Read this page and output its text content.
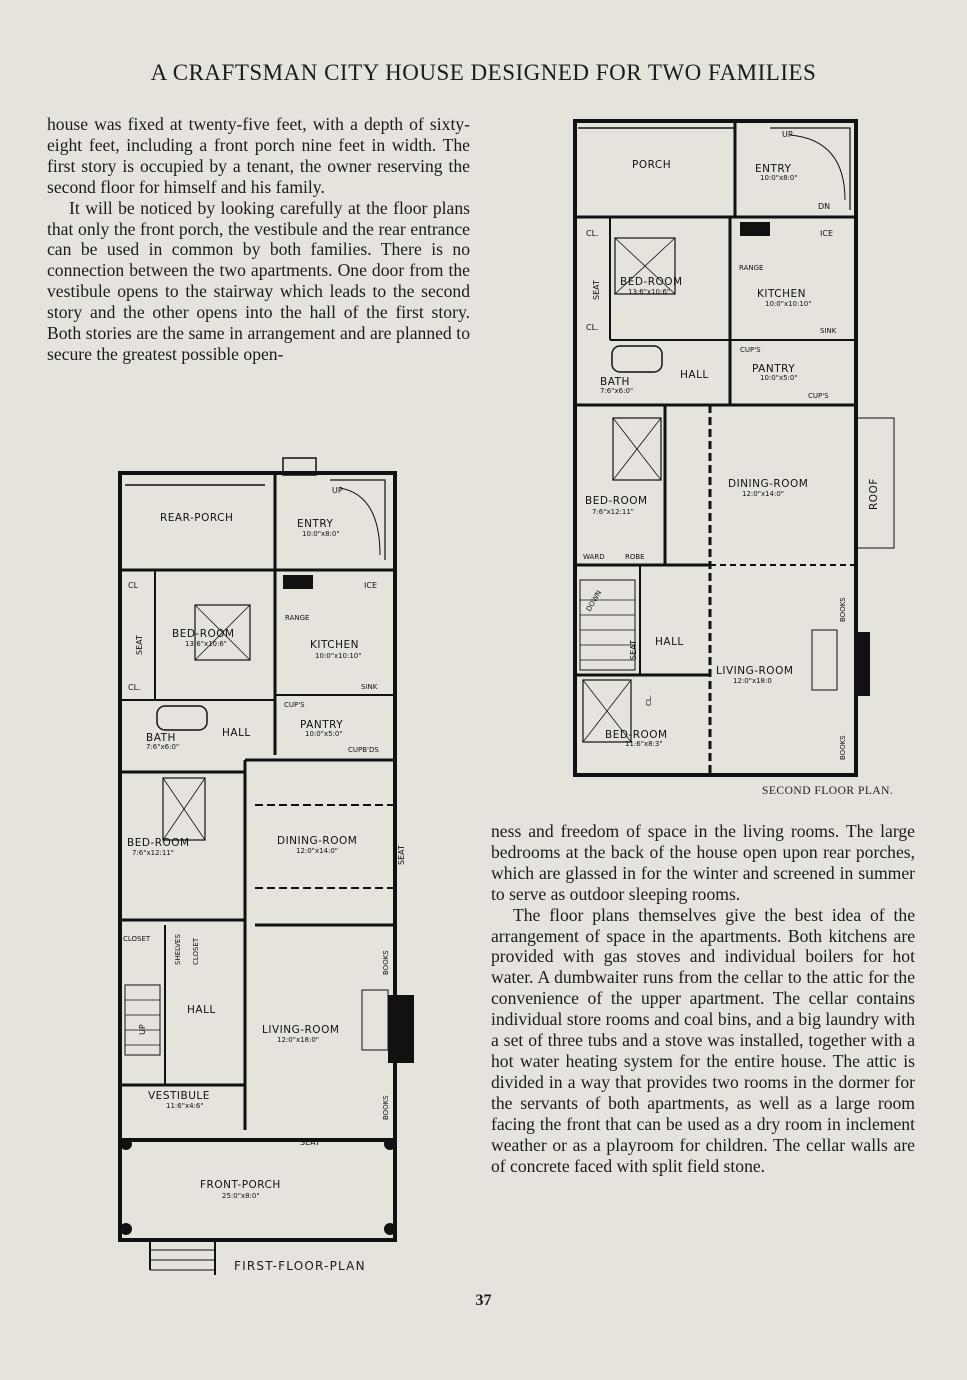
A CRAFTSMAN CITY HOUSE DESIGNED FOR TWO FAMILIES

house was fixed at twenty-five feet, with a depth of sixty-eight feet, including a front porch nine feet in width. The first story is occupied by a tenant, the owner reserving the second floor for himself and his family.

It will be noticed by looking carefully at the floor plans that only the front porch, the vestibule and the rear entrance can be used in common by both families. There is no connection between the two apartments. One door from the vestibule opens to the stairway which leads to the second story and the other opens into the hall of the first story. Both stories are the same in arrangement and are planned to secure the greatest possible open-

ness and freedom of space in the living rooms. The large bedrooms at the back of the house open upon rear porches, which are glassed in for the winter and screened in summer to serve as outdoor sleeping rooms.

The floor plans themselves give the best idea of the arrangement of space in the apartments. Both kitchens are provided with gas stoves and individual boilers for hot water. A dumbwaiter runs from the cellar to the attic for the convenience of the upper apartment. The cellar contains individual store rooms and coal bins, and a big laundry with a set of three tubs and a stove was installed, together with a hot water heating system for the entire house. The attic is divided in a way that provides two rooms in the dormer for the servants of both apartments, as well as a large room facing the front that can be used as a dry room in inclement weather or as a playroom for children. The cellar walls are of concrete faced with split field stone.

PORCH	ENTRY
10:0"x8:0"
UP
DN
ICE
CL.
SEAT BED-ROOM
13:6"x10:6"
RANGE
KITCHEN
10:0"x10:10"
CL.	SINK
CUP'S
PANTRY
10:0"x5:0"
CUP'S
BATH
7:6"x6:0"
HALL
BED-ROOM
7:6"x12:11"
DINING-ROOM
12:0"x14:0"	ROOF
WARD	ROBE
DOWN
SEAT HALL
CL.
LIVING-ROOM
12:0"x18:0
BOOKS
BOOKS
BED-ROOM
11:6"x8:3"
SECOND FLOOR PLAN.
REAR-PORCH	ENTRY
10:0"x8:0"
UP
ICE
CL
SEAT
BED-ROOM
13:6"x10:6"
RANGE
KITCHEN
10:0"x10:10"
CL.	SINK
CUP'S
PANTRY
10:0"x5:0"
CUPB'DS
BATH
7:6"x6:0"
HALL
BED-ROOM
7:6"x12:11"
DINING-ROOM
12:0"x14:0"	SEAT
CLOSET	SHELVES CLOSET
UP
HALL
LIVING-ROOM
12:0"x18:0"
BOOKS
BOOKS
VESTIBULE
11:6"x4:6"
SEAT
FRONT-PORCH
25:0"x8:0"
FIRST-FLOOR-PLAN
37
